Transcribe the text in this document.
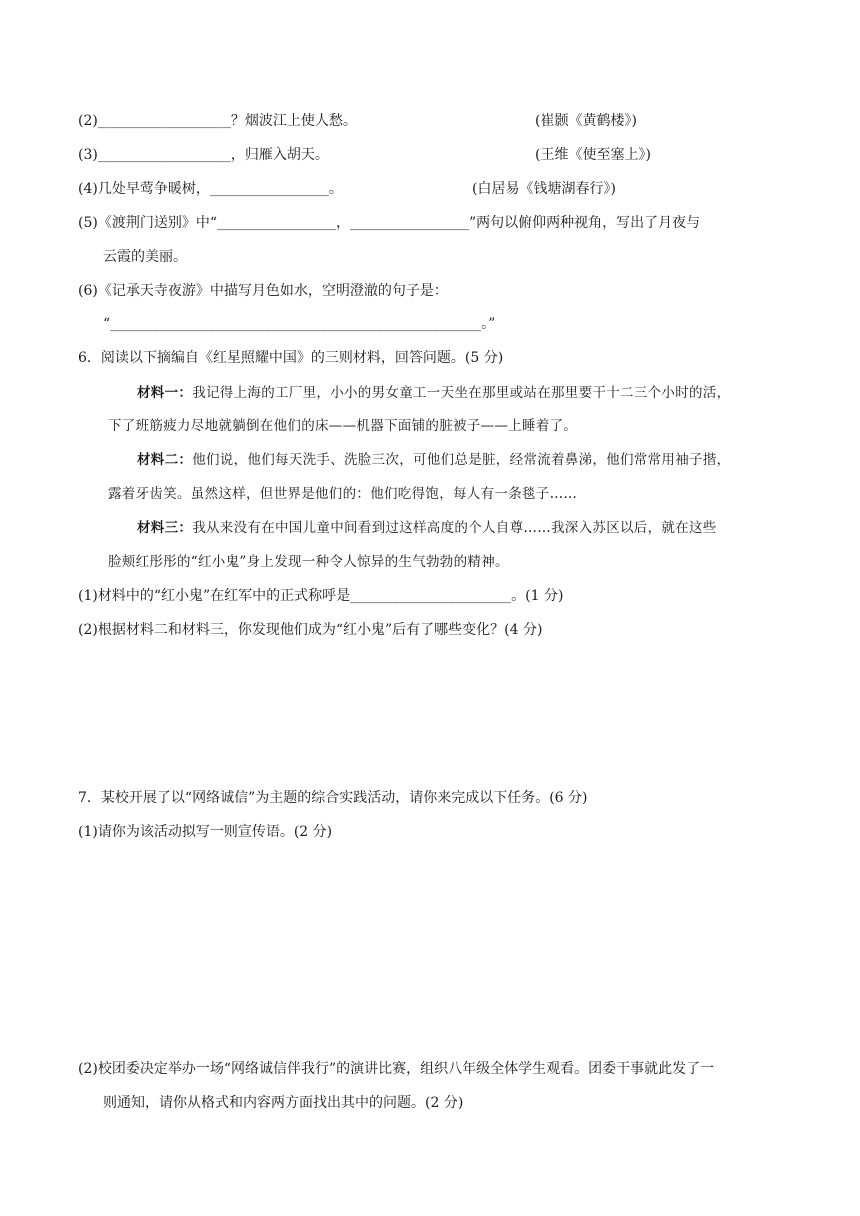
(2)___________________？烟波江上使人愁。	(崔颢《黄鹤楼》)
(3)___________________，归雁入胡天。	(王维《使至塞上》)
(4)几处早莺争暖树，_________________。	(白居易《钱塘湖春行》)
(5)《渡荆门送别》中“_________________，_________________”两句以俯仰两种视角，写出了月夜与
云霞的美丽。
(6)《记承天寺夜游》中描写月色如水，空明澄澈的句子是：
“_____________________________________________________。”
6．阅读以下摘编自《红星照耀中国》的三则材料，回答问题。(5 分)
材料一：我记得上海的工厂里，小小的男女童工一天坐在那里或站在那里要干十二三个小时的活，
下了班筋疲力尽地就躺倒在他们的床——机器下面铺的脏被子——上睡着了。
材料二：他们说，他们每天洗手、洗脸三次，可他们总是脏，经常流着鼻涕，他们常常用袖子揩，
露着牙齿笑。虽然这样，但世界是他们的：他们吃得饱，每人有一条毯子……
材料三：我从来没有在中国儿童中间看到过这样高度的个人自尊……我深入苏区以后，就在这些
脸颊红彤彤的“红小鬼”身上发现一种令人惊异的生气勃勃的精神。
(1)材料中的“红小鬼”在红军中的正式称呼是_______________________。(1 分)
(2)根据材料二和材料三，你发现他们成为“红小鬼”后有了哪些变化？(4 分)
7．某校开展了以“网络诚信”为主题的综合实践活动，请你来完成以下任务。(6 分)
(1)请你为该活动拟写一则宣传语。(2 分)
(2)校团委决定举办一场“网络诚信伴我行”的演讲比赛，组织八年级全体学生观看。团委干事就此发了一
则通知，请你从格式和内容两方面找出其中的问题。(2 分)
